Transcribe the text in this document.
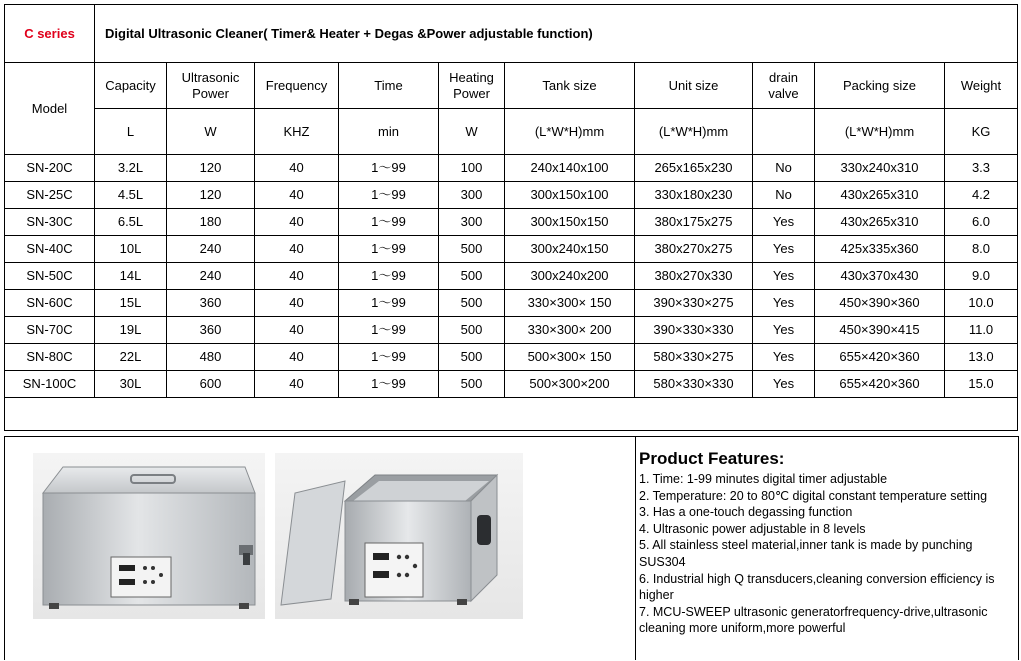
C series	Digital Ultrasonic Cleaner( Timer& Heater + Degas &Power adjustable function)									
Model	Capacity	Ultrasonic Power	Frequency	Time	Heating Power	Tank size	Unit size	drain valve	Packing size	Weight
	L	W	KHZ	min	W	(L*W*H)mm	(L*W*H)mm		(L*W*H)mm	KG
SN-20C	3.2L	120	40	1～99	100	240x140x100	265x165x230	No	330x240x310	3.3
SN-25C	4.5L	120	40	1～99	300	300x150x100	330x180x230	No	430x265x310	4.2
SN-30C	6.5L	180	40	1～99	300	300x150x150	380x175x275	Yes	430x265x310	6.0
SN-40C	10L	240	40	1～99	500	300x240x150	380x270x275	Yes	425x335x360	8.0
SN-50C	14L	240	40	1～99	500	300x240x200	380x270x330	Yes	430x370x430	9.0
SN-60C	15L	360	40	1～99	500	330×300× 150	390×330×275	Yes	450×390×360	10.0
SN-70C	19L	360	40	1～99	500	330×300× 200	390×330×330	Yes	450×390×415	11.0
SN-80C	22L	480	40	1～99	500	500×300× 150	580×330×275	Yes	655×420×360	13.0
SN-100C	30L	600	40	1～99	500	500×300×200	580×330×330	Yes	655×420×360	15.0

Product Features:

1. Time: 1-99 minutes digital timer adjustable

2. Temperature: 20 to 80℃ digital constant temperature setting

3. Has a one-touch degassing function

4. Ultrasonic power adjustable in 8 levels

5. All stainless steel material,inner tank is made by punching SUS304

6. Industrial high Q transducers,cleaning conversion efficiency is higher

7. MCU-SWEEP ultrasonic generatorfrequency-drive,ultrasonic cleaning more uniform,more powerful
